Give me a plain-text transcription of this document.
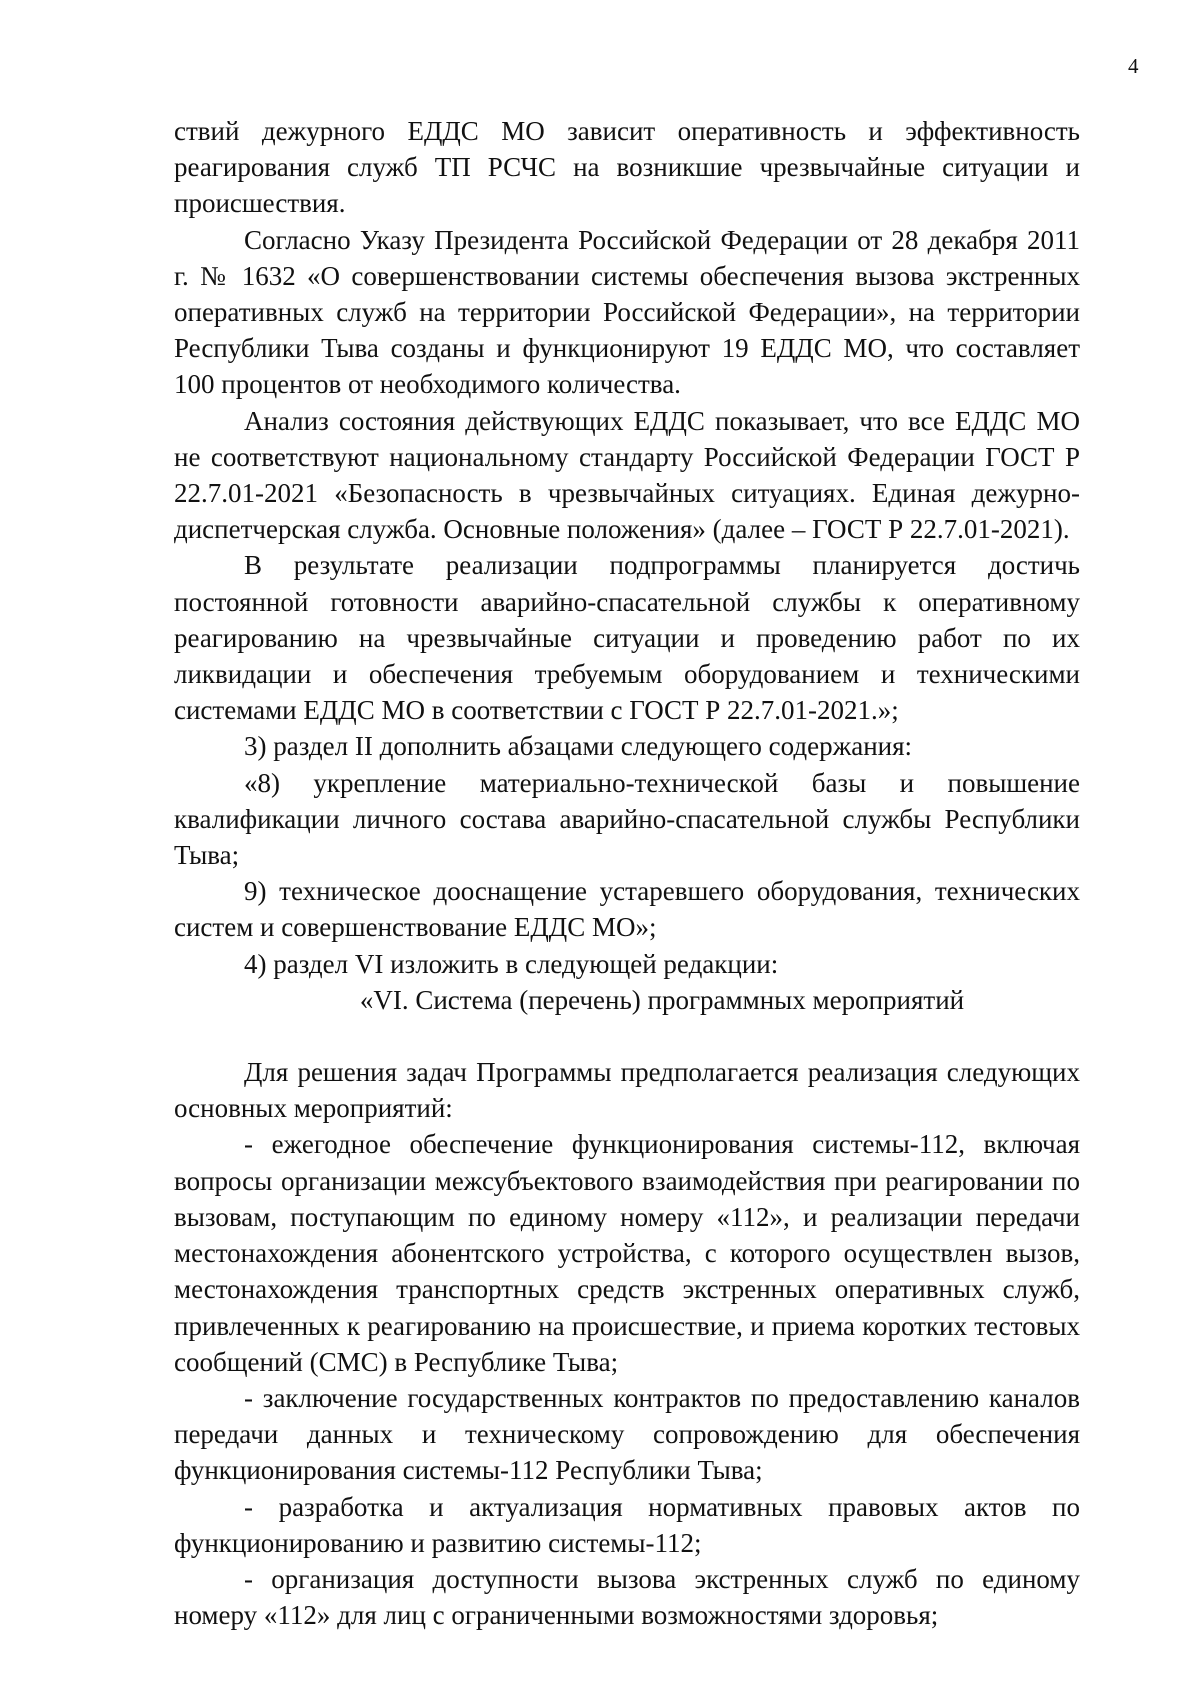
4

ствий дежурного ЕДДС МО зависит оперативность и эффективность реагирования служб ТП РСЧС на возникшие чрезвычайные ситуации и происшествия.

Согласно Указу Президента Российской Федерации от 28 декабря 2011 г. № 1632 «О совершенствовании системы обеспечения вызова экстренных оперативных служб на территории Российской Федерации», на территории Республики Тыва созданы и функционируют 19 ЕДДС МО, что составляет 100 процентов от необходимого количества.

Анализ состояния действующих ЕДДС показывает, что все ЕДДС МО не соответствуют национальному стандарту Российской Федерации ГОСТ Р 22.7.01-2021 «Безопасность в чрезвычайных ситуациях. Единая дежурно-диспетчерская служба. Основные положения» (далее – ГОСТ Р 22.7.01-2021).

В результате реализации подпрограммы планируется достичь постоянной готовности аварийно-спасательной службы к оперативному реагированию на чрезвычайные ситуации и проведению работ по их ликвидации и обеспечения требуемым оборудованием и техническими системами ЕДДС МО в соответствии с ГОСТ Р 22.7.01-2021.»;

3) раздел II дополнить абзацами следующего содержания:

«8) укрепление материально-технической базы и повышение квалификации личного состава аварийно-спасательной службы Республики Тыва;

9) техническое дооснащение устаревшего оборудования, технических систем и совершенствование ЕДДС МО»;

4) раздел VI изложить в следующей редакции:

«VI. Система (перечень) программных мероприятий

Для решения задач Программы предполагается реализация следующих основных мероприятий:

- ежегодное обеспечение функционирования системы-112, включая вопросы организации межсубъектового взаимодействия при реагировании по вызовам, поступающим по единому номеру «112», и реализации передачи местонахождения абонентского устройства, с которого осуществлен вызов, местонахождения транспортных средств экстренных оперативных служб, привлеченных к реагированию на происшествие, и приема коротких тестовых сообщений (СМС) в Республике Тыва;

- заключение государственных контрактов по предоставлению каналов передачи данных и техническому сопровождению для обеспечения функционирования системы-112 Республики Тыва;

- разработка и актуализация нормативных правовых актов по функционированию и развитию системы-112;

- организация доступности вызова экстренных служб по единому номеру «112» для лиц с ограниченными возможностями здоровья;
